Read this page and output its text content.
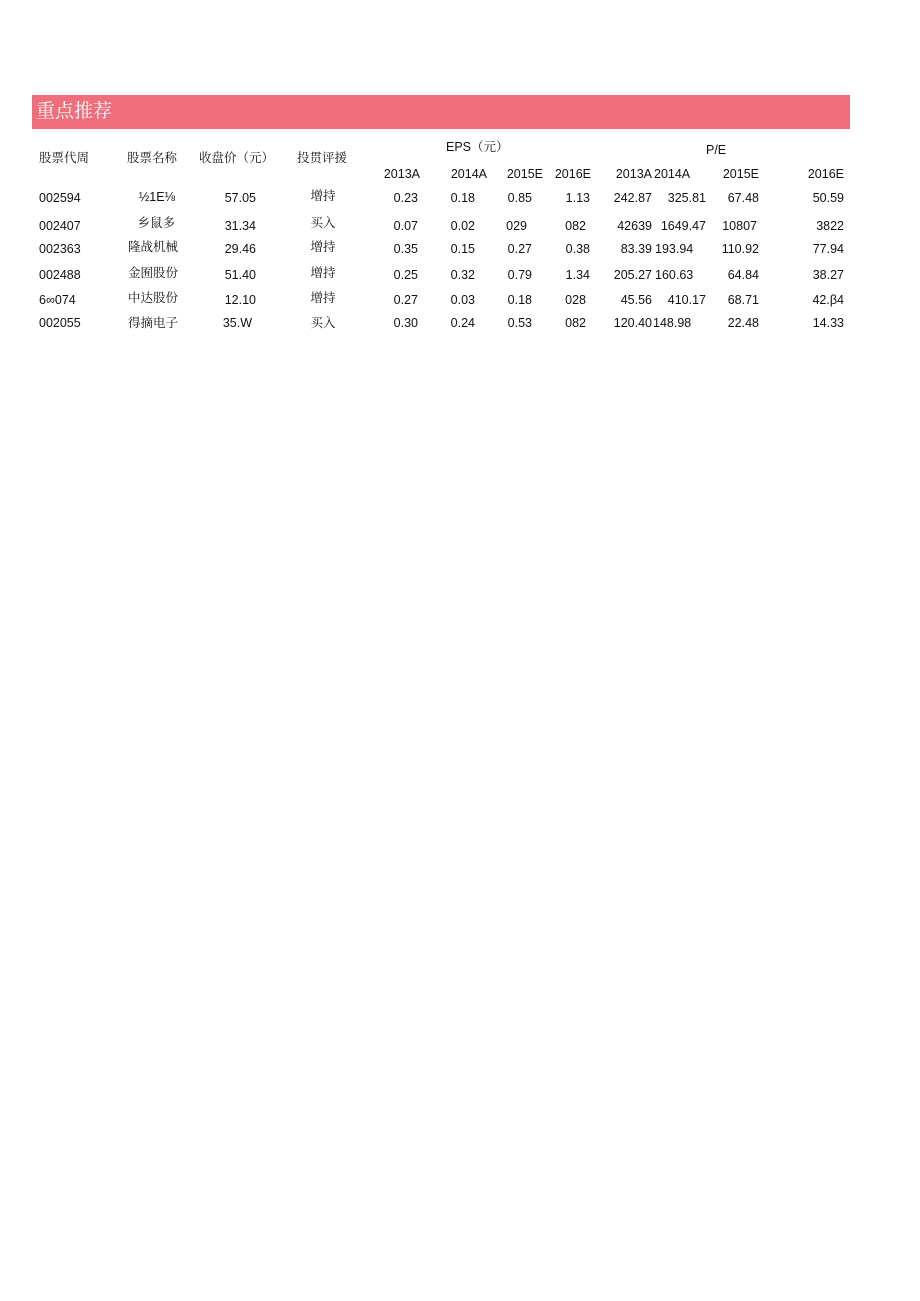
重点推荐
股票代周	股票名称 收盘价（元） 投贯评援
EPS（元）	P/E
2013A 2014A 2015E 2016E 2013A 2014A	2015E	2016E
002594	½1E⅛	57.05	增持	0.23	0.18	0.85	1.13 242.87 325.81 67.48	50.59
002407	乡鼠多	31.34	买入	0.07	0.02 029	082 42639 1649.47 10807	3822
002363	隆战机械	29.46	增持	0.35	0.15	0.27	0.38 83.39 193.94 110.92	77.94
002488	金囿股份	51.40	增持	0.25	0.32	0.79	1.34 205.27 160.63	64.84	38.27
6∞074	中达股份	12.10	增持	0.27	0.03	0.18	028	45.56 410.17 68.71	42.β4
002055	得摘电子	35.W	买入	0.30	0.24	0.53	082 120.40 148.98	22.48	14.33
